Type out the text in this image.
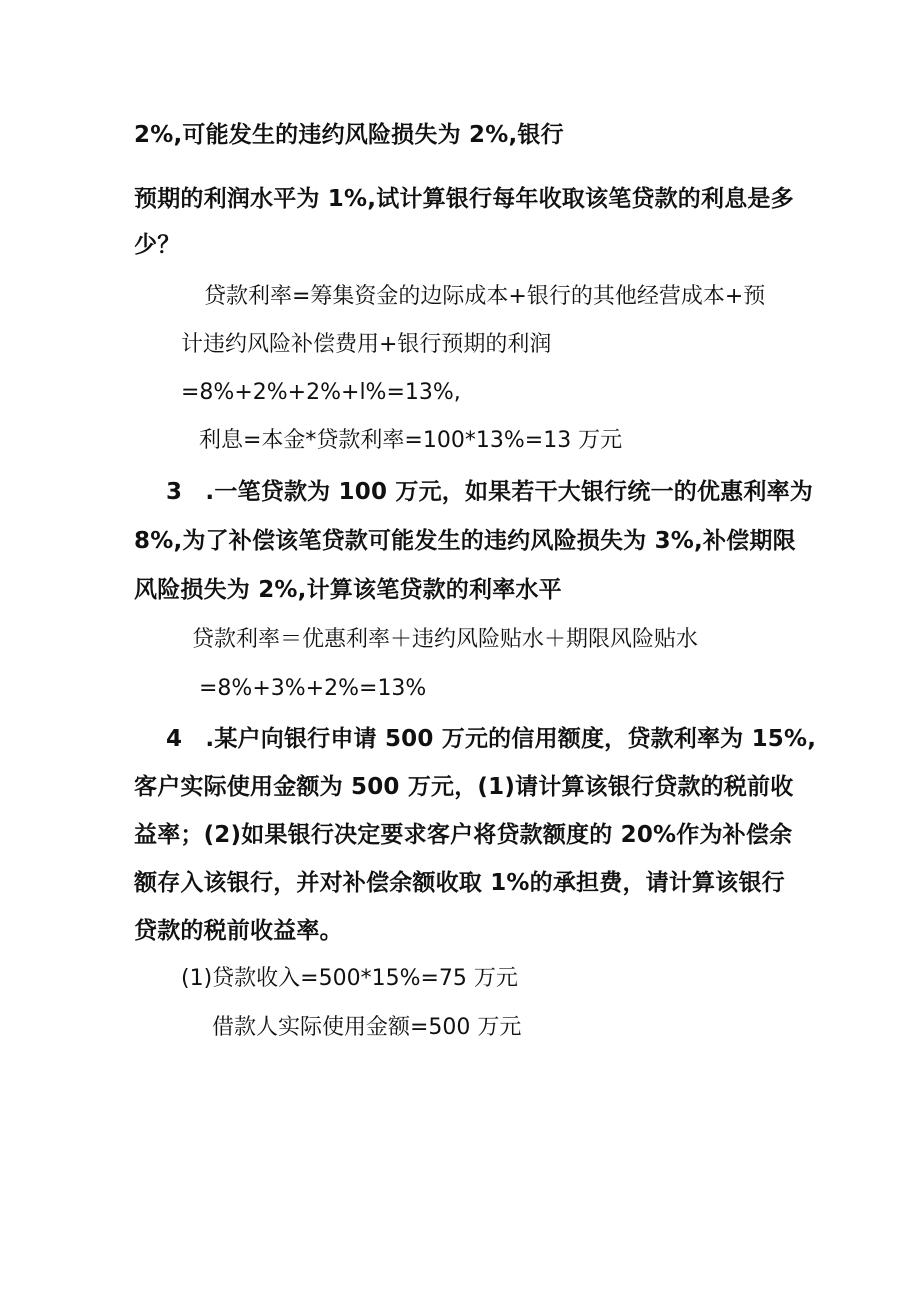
2%,可能发生的违约风险损失为 2%,银行
预期的利润水平为 1%,试计算银行每年收取该笔贷款的利息是多
少？
贷款利率=筹集资金的边际成本+银行的其他经营成本+预
计违约风险补偿费用+银行预期的利润
=8%+2%+2%+l%=13%,
利息=本金*贷款利率=100*13%=13 万元
3　.一笔贷款为 100 万元，如果若干大银行统一的优惠利率为
8%,为了补偿该笔贷款可能发生的违约风险损失为 3%,补偿期限
风险损失为 2%,计算该笔贷款的利率水平
贷款利率＝优惠利率＋违约风险贴水＋期限风险贴水
=8%+3%+2%=13%
4　.某户向银行申请 500 万元的信用额度，贷款利率为 15%,
客户实际使用金额为 500 万元，(1)请计算该银行贷款的税前收
益率；(2)如果银行决定要求客户将贷款额度的 20%作为补偿余
额存入该银行，并对补偿余额收取 1%的承担费，请计算该银行
贷款的税前收益率。
(1)贷款收入=500*15%=75 万元
借款人实际使用金额=500 万元
